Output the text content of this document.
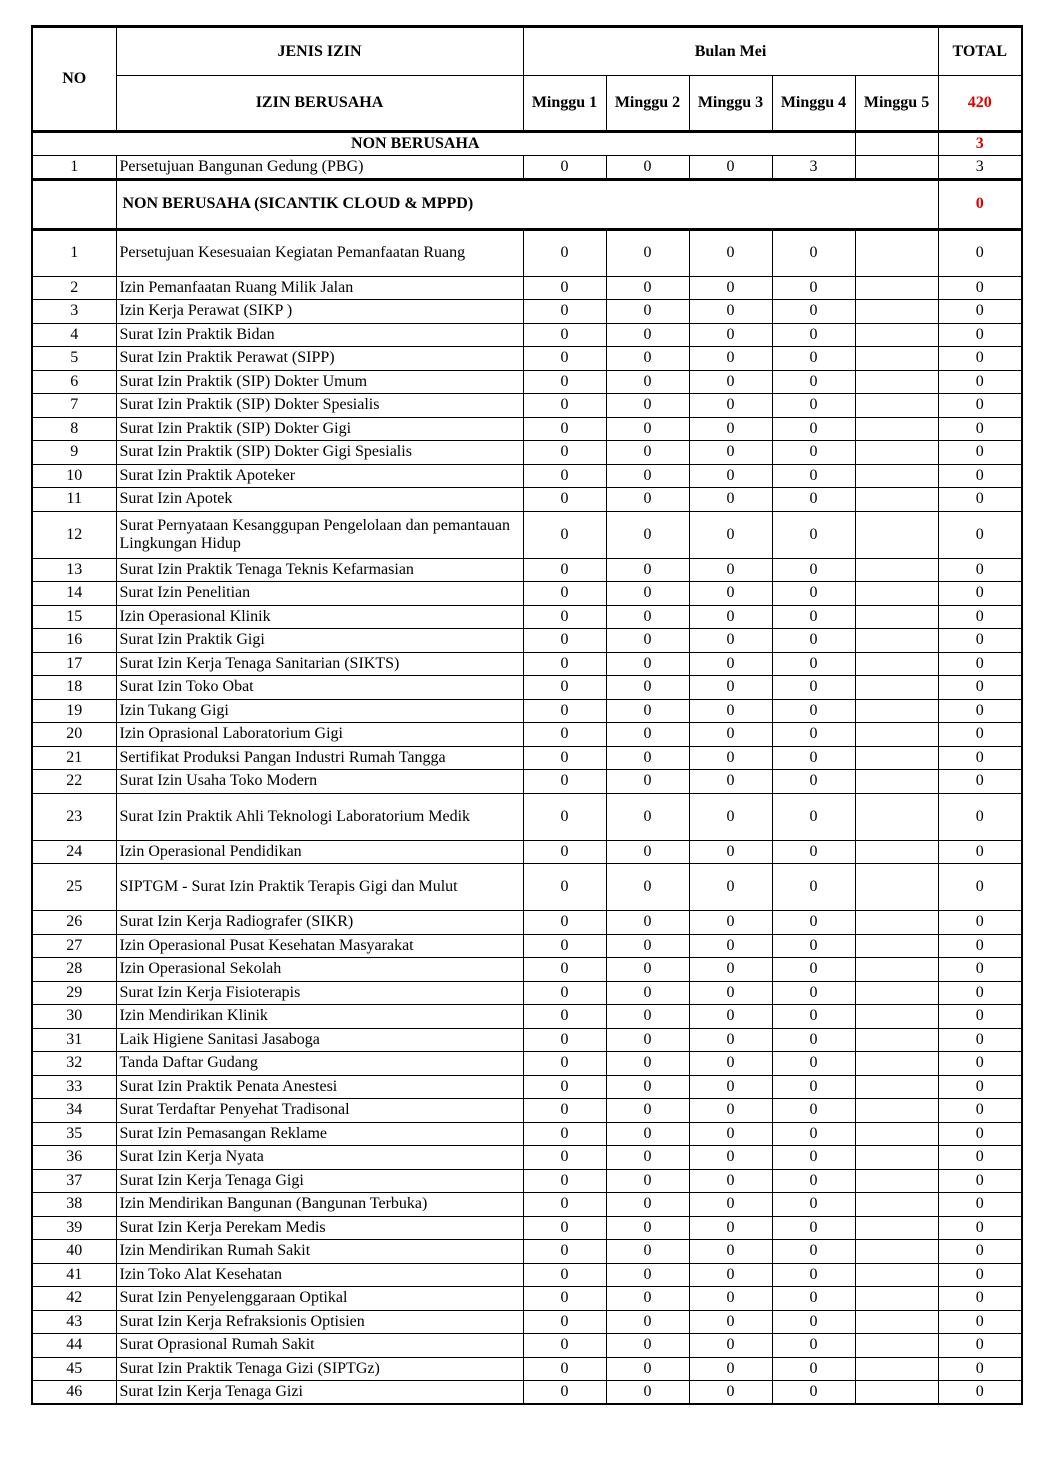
NO	JENIS IZIN	Bulan Mei					TOTAL
	IZIN BERUSAHA	Minggu 1	Minggu 2	Minggu 3	Minggu 4	Minggu 5	420
NON BERUSAHA							3
1	Persetujuan Bangunan Gedung (PBG)	0	0	0	3		3
	NON BERUSAHA (SICANTIK CLOUD & MPPD)						0
1	Persetujuan Kesesuaian Kegiatan Pemanfaatan Ruang	0	0	0	0		0
2	Izin Pemanfaatan Ruang Milik Jalan	0	0	0	0		0
3	Izin Kerja Perawat (SIKP )	0	0	0	0		0
4	Surat Izin Praktik Bidan	0	0	0	0		0
5	Surat Izin Praktik Perawat (SIPP)	0	0	0	0		0
6	Surat Izin Praktik (SIP) Dokter Umum	0	0	0	0		0
7	Surat Izin Praktik (SIP) Dokter Spesialis	0	0	0	0		0
8	Surat Izin Praktik (SIP) Dokter Gigi	0	0	0	0		0
9	Surat Izin Praktik (SIP) Dokter Gigi Spesialis	0	0	0	0		0
10	Surat Izin Praktik Apoteker	0	0	0	0		0
11	Surat Izin Apotek	0	0	0	0		0
12	Surat Pernyataan Kesanggupan Pengelolaan dan pemantauan Lingkungan Hidup	0	0	0	0		0
13	Surat Izin Praktik Tenaga Teknis Kefarmasian	0	0	0	0		0
14	Surat Izin Penelitian	0	0	0	0		0
15	Izin Operasional Klinik	0	0	0	0		0
16	Surat Izin Praktik Gigi	0	0	0	0		0
17	Surat Izin Kerja Tenaga Sanitarian (SIKTS)	0	0	0	0		0
18	Surat Izin Toko Obat	0	0	0	0		0
19	Izin Tukang Gigi	0	0	0	0		0
20	Izin Oprasional Laboratorium Gigi	0	0	0	0		0
21	Sertifikat Produksi Pangan Industri Rumah Tangga	0	0	0	0		0
22	Surat Izin Usaha Toko Modern	0	0	0	0		0
23	Surat Izin Praktik Ahli Teknologi Laboratorium Medik	0	0	0	0		0
24	Izin Operasional Pendidikan	0	0	0	0		0
25	SIPTGM - Surat Izin Praktik Terapis Gigi dan Mulut	0	0	0	0		0
26	Surat Izin Kerja Radiografer (SIKR)	0	0	0	0		0
27	Izin Operasional Pusat Kesehatan Masyarakat	0	0	0	0		0
28	Izin Operasional Sekolah	0	0	0	0		0
29	Surat Izin Kerja Fisioterapis	0	0	0	0		0
30	Izin Mendirikan Klinik	0	0	0	0		0
31	Laik Higiene Sanitasi Jasaboga	0	0	0	0		0
32	Tanda Daftar Gudang	0	0	0	0		0
33	Surat Izin Praktik Penata Anestesi	0	0	0	0		0
34	Surat Terdaftar Penyehat Tradisonal	0	0	0	0		0
35	Surat Izin Pemasangan Reklame	0	0	0	0		0
36	Surat Izin Kerja Nyata	0	0	0	0		0
37	Surat Izin Kerja Tenaga Gigi	0	0	0	0		0
38	Izin Mendirikan Bangunan (Bangunan Terbuka)	0	0	0	0		0
39	Surat Izin Kerja Perekam Medis	0	0	0	0		0
40	Izin Mendirikan Rumah Sakit	0	0	0	0		0
41	Izin Toko Alat Kesehatan	0	0	0	0		0
42	Surat Izin Penyelenggaraan Optikal	0	0	0	0		0
43	Surat Izin Kerja Refraksionis Optisien	0	0	0	0		0
44	Surat Oprasional Rumah Sakit	0	0	0	0		0
45	Surat Izin Praktik Tenaga Gizi (SIPTGz)	0	0	0	0		0
46	Surat Izin Kerja Tenaga Gizi	0	0	0	0		0
